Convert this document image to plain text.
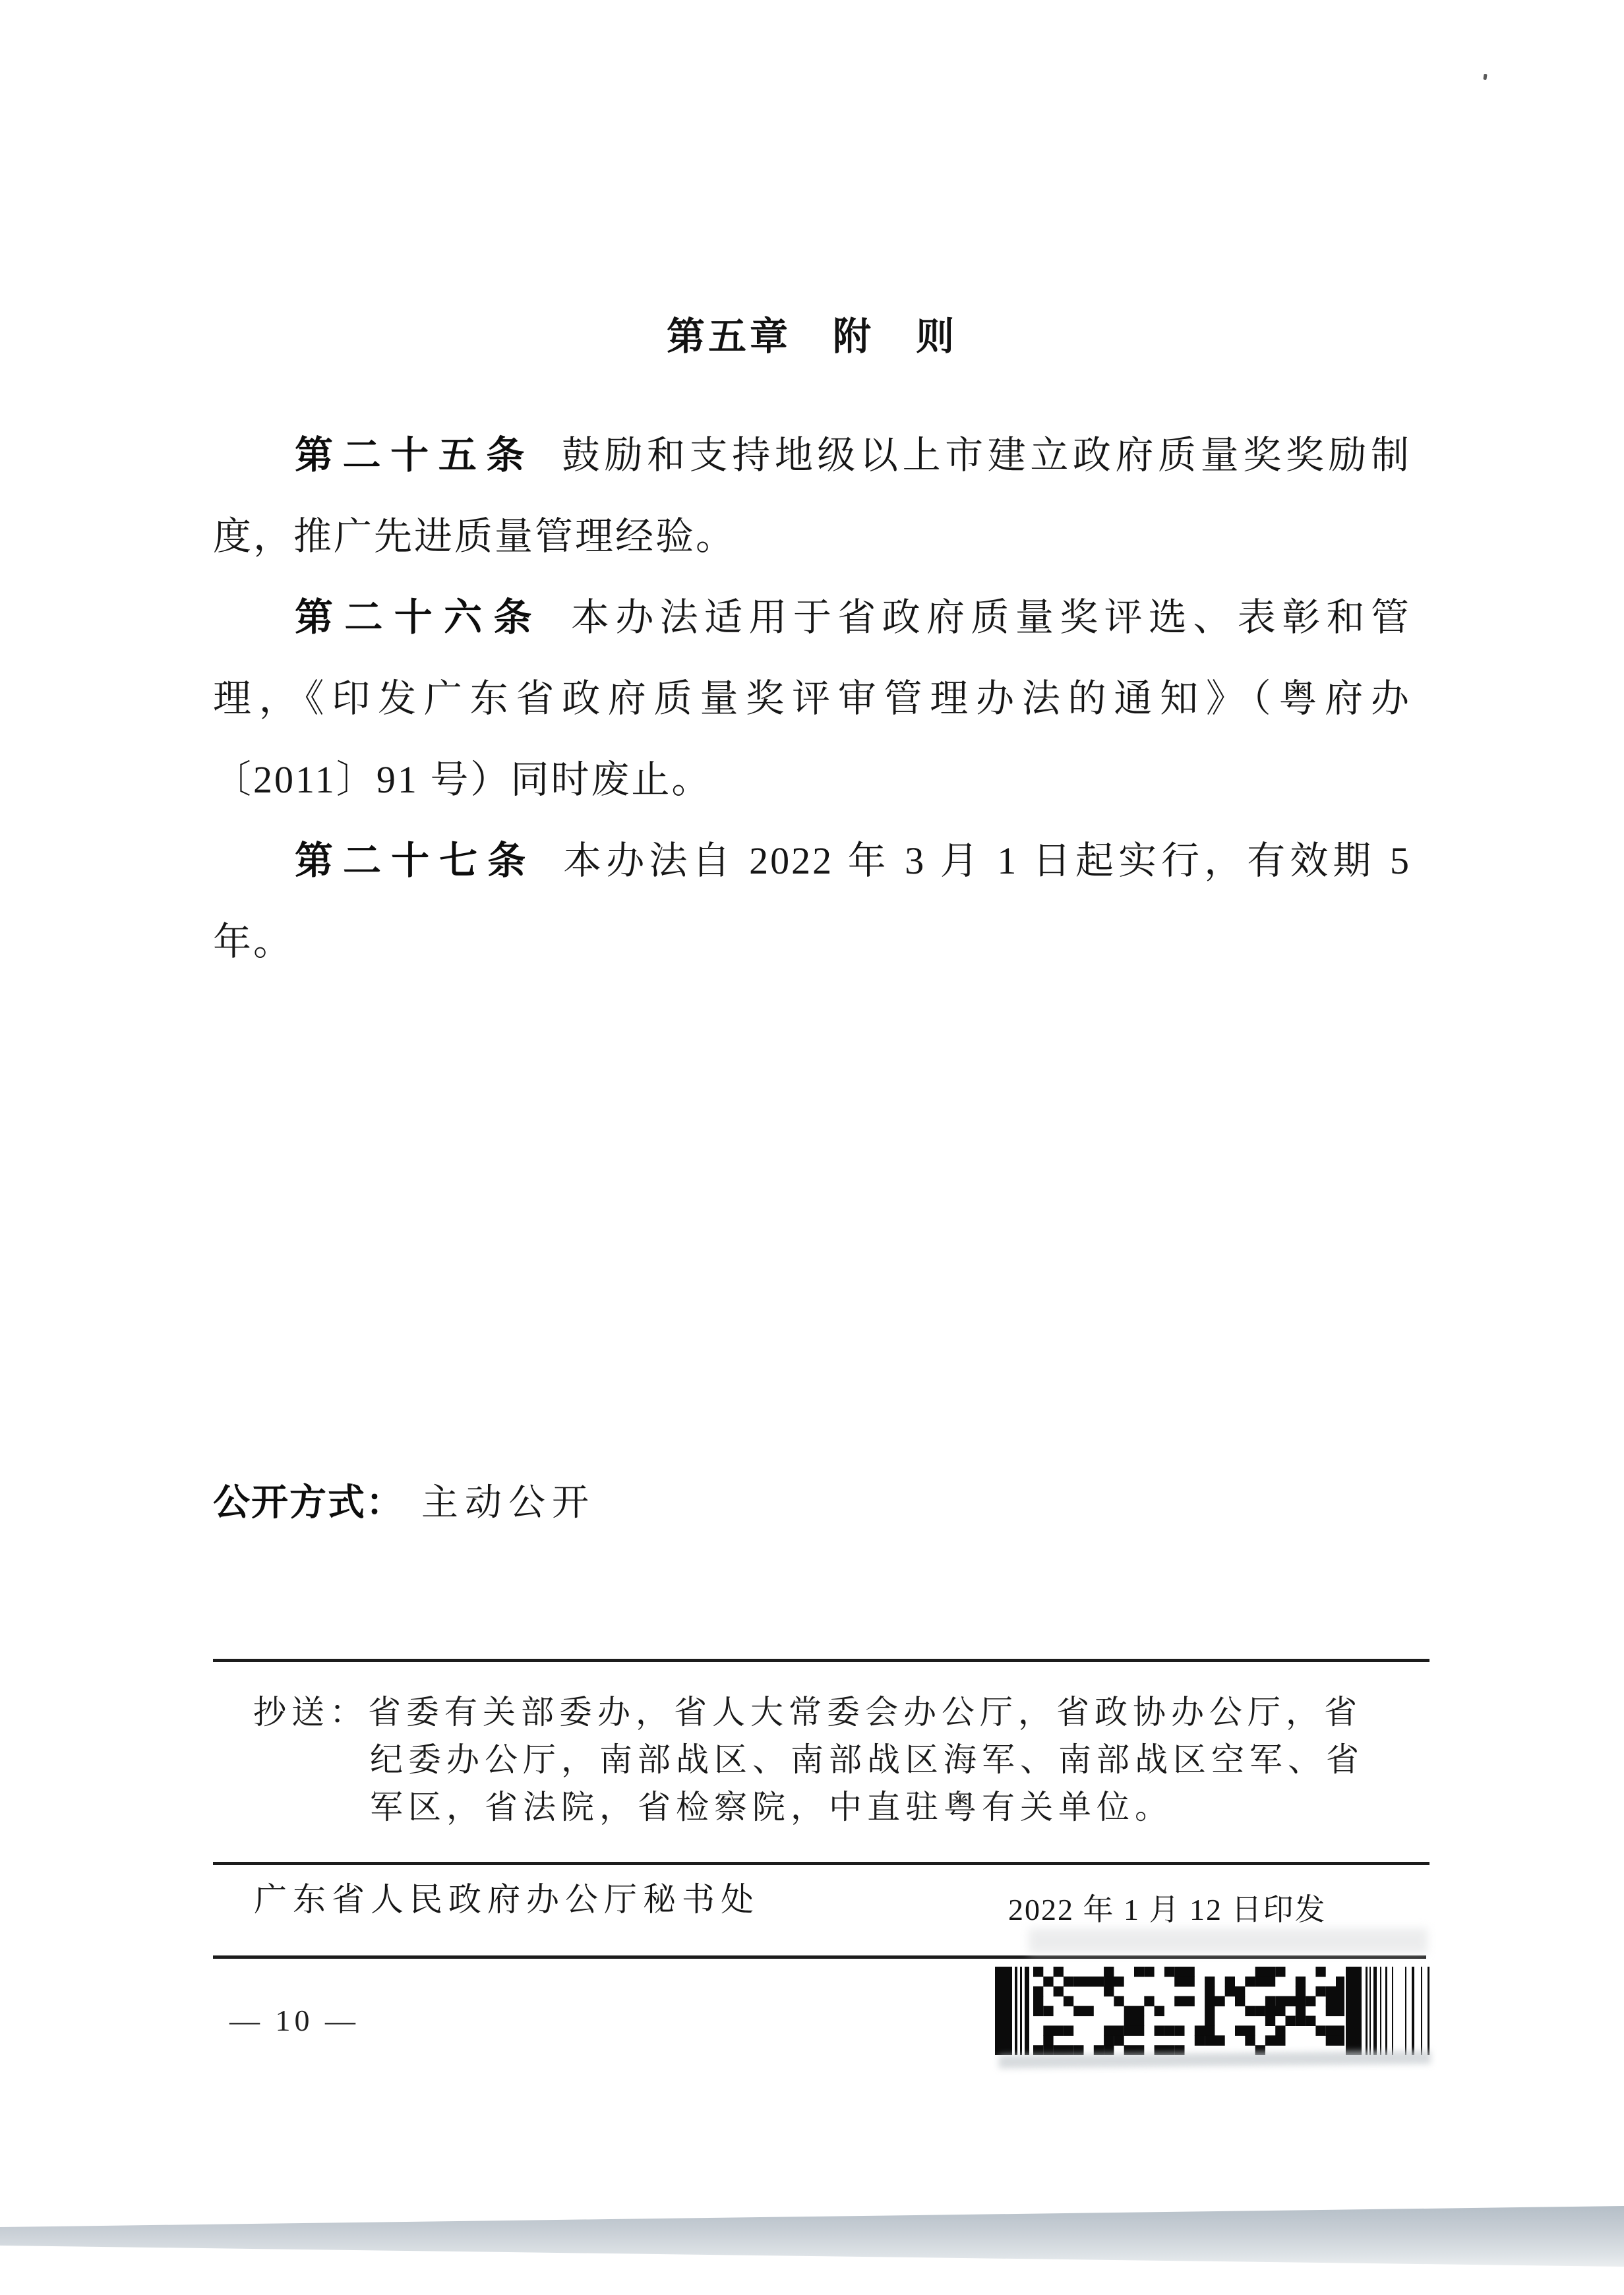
第五章　附　则
第二十五条 鼓励和支持地级以上市建立政府质量奖奖励制
度，推广先进质量管理经验。
第二十六条 本办法适用于省政府质量奖评选、表彰和管
理，《印发广东省政府质量奖评审管理办法的通知》（粤府办
〔2011〕91 号）同时废止。
第二十七条 本办法自 2022 年 3 月 1 日起实行，有效期 5
年。
公开方式： 主动公开
抄送：省委有关部委办，省人大常委会办公厅，省政协办公厅，省
纪委办公厅，南部战区、南部战区海军、南部战区空军、省
军区，省法院，省检察院，中直驻粤有关单位。
广东省人民政府办公厅秘书处	2022 年 1 月 12 日印发
— 10 —
